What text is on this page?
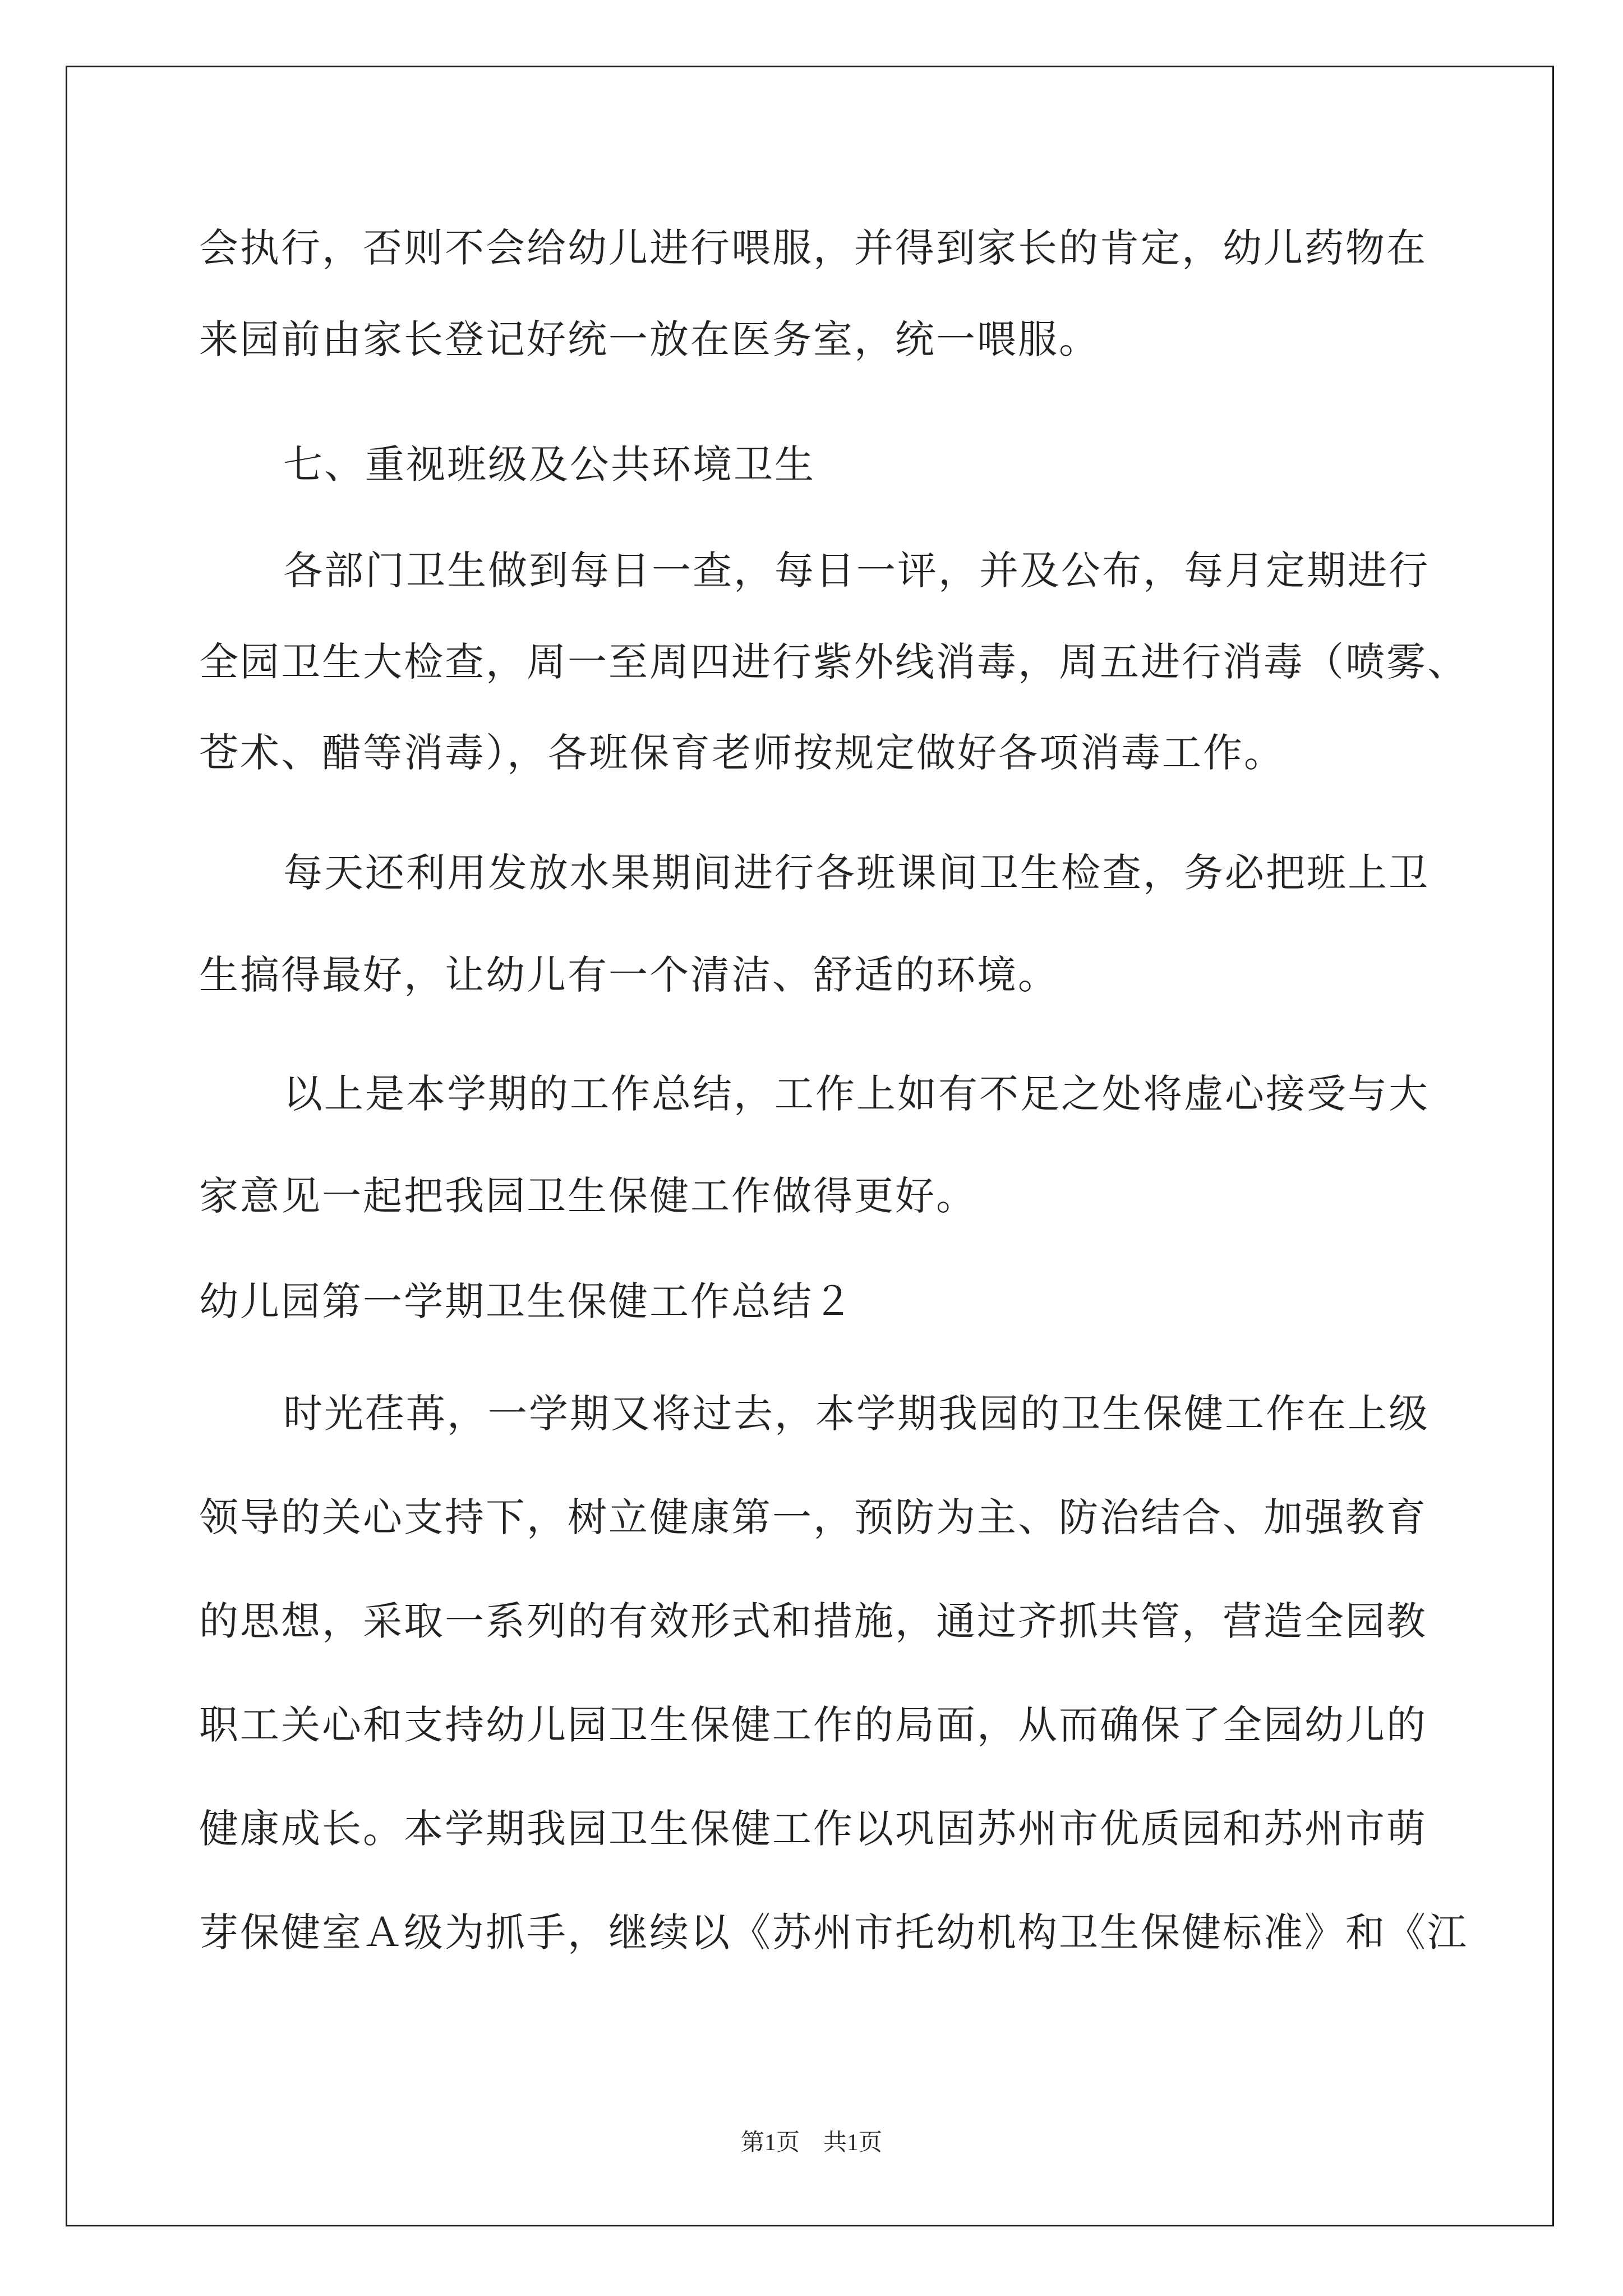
会执行，否则不会给幼儿进行喂服，并得到家长的肯定，幼儿药物在
来园前由家长登记好统一放在医务室，统一喂服。
七、重视班级及公共环境卫生
各部门卫生做到每日一查，每日一评，并及公布，每月定期进行
全园卫生大检查，周一至周四进行紫外线消毒，周五进行消毒（喷雾、
苍术、醋等消毒），各班保育老师按规定做好各项消毒工作。
每天还利用发放水果期间进行各班课间卫生检查，务必把班上卫
生搞得最好，让幼儿有一个清洁、舒适的环境。
以上是本学期的工作总结，工作上如有不足之处将虚心接受与大
家意见一起把我园卫生保健工作做得更好。
幼儿园第一学期卫生保健工作总结２
时光荏苒，一学期又将过去，本学期我园的卫生保健工作在上级
领导的关心支持下，树立健康第一，预防为主、防治结合、加强教育
的思想，采取一系列的有效形式和措施，通过齐抓共管，营造全园教
职工关心和支持幼儿园卫生保健工作的局面，从而确保了全园幼儿的
健康成长。本学期我园卫生保健工作以巩固苏州市优质园和苏州市萌
芽保健室Ａ级为抓手，继续以《苏州市托幼机构卫生保健标准》和《江
第1页　共1页
